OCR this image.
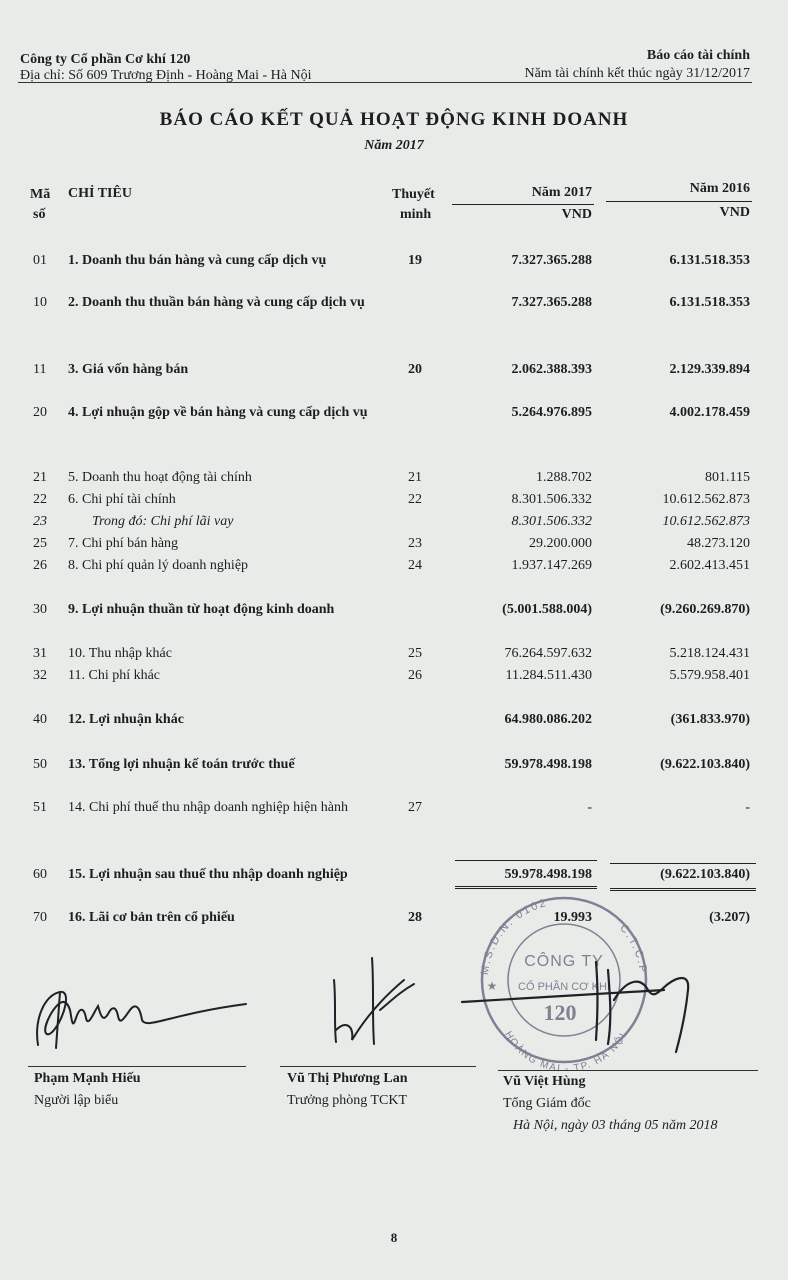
Công ty Cổ phần Cơ khí 120
Địa chỉ: Số 609 Trương Định - Hoàng Mai - Hà Nội
Báo cáo tài chính
Năm tài chính kết thúc ngày 31/12/2017
BÁO CÁO KẾT QUẢ HOẠT ĐỘNG KINH DOANH
Năm 2017
Mã
số
CHỈ TIÊU	Thuyết
minh
Năm 2017
VND
Năm 2016
VND
01 1. Doanh thu bán hàng và cung cấp dịch vụ	19	7.327.365.288	6.131.518.353
10 2. Doanh thu thuần bán hàng và cung cấp dịch vụ	7.327.365.288	6.131.518.353
11 3. Giá vốn hàng bán	20	2.062.388.393	2.129.339.894
20 4. Lợi nhuận gộp về bán hàng và cung cấp dịch vụ	5.264.976.895	4.002.178.459
21 5. Doanh thu hoạt động tài chính	21	1.288.702	801.115
22 6. Chi phí tài chính	22	8.301.506.332	10.612.562.873
23	Trong đó: Chi phí lãi vay	8.301.506.332	10.612.562.873
25 7. Chi phí bán hàng	23	29.200.000	48.273.120
26 8. Chi phí quản lý doanh nghiệp	24	1.937.147.269	2.602.413.451
30 9. Lợi nhuận thuần từ hoạt động kinh doanh	(5.001.588.004)	(9.260.269.870)
31 10. Thu nhập khác	25	76.264.597.632	5.218.124.431
32 11. Chi phí khác	26	11.284.511.430	5.579.958.401
40 12. Lợi nhuận khác	64.980.086.202	(361.833.970)
50 13. Tổng lợi nhuận kế toán trước thuế	59.978.498.198	(9.622.103.840)
51 14. Chi phí thuế thu nhập doanh nghiệp hiện hành	27	-	-
60 15. Lợi nhuận sau thuế thu nhập doanh nghiệp	59.978.498.198	(9.622.103.840)
70 16. Lãi cơ bản trên cổ phiếu	28	19.993	(3.207)
M.S.D.N: 0102
C.T.C.P
HOÀNG MAI - TP. HÀ NỘI
CÔNG TY
CỔ PHẦN CƠ KHÍ
120
★
Phạm Mạnh Hiếu
Người lập biểu
Vũ Thị Phương Lan
Trưởng phòng TCKT
Vũ Việt Hùng
Tổng Giám đốc
Hà Nội, ngày 03 tháng 05 năm 2018
8
